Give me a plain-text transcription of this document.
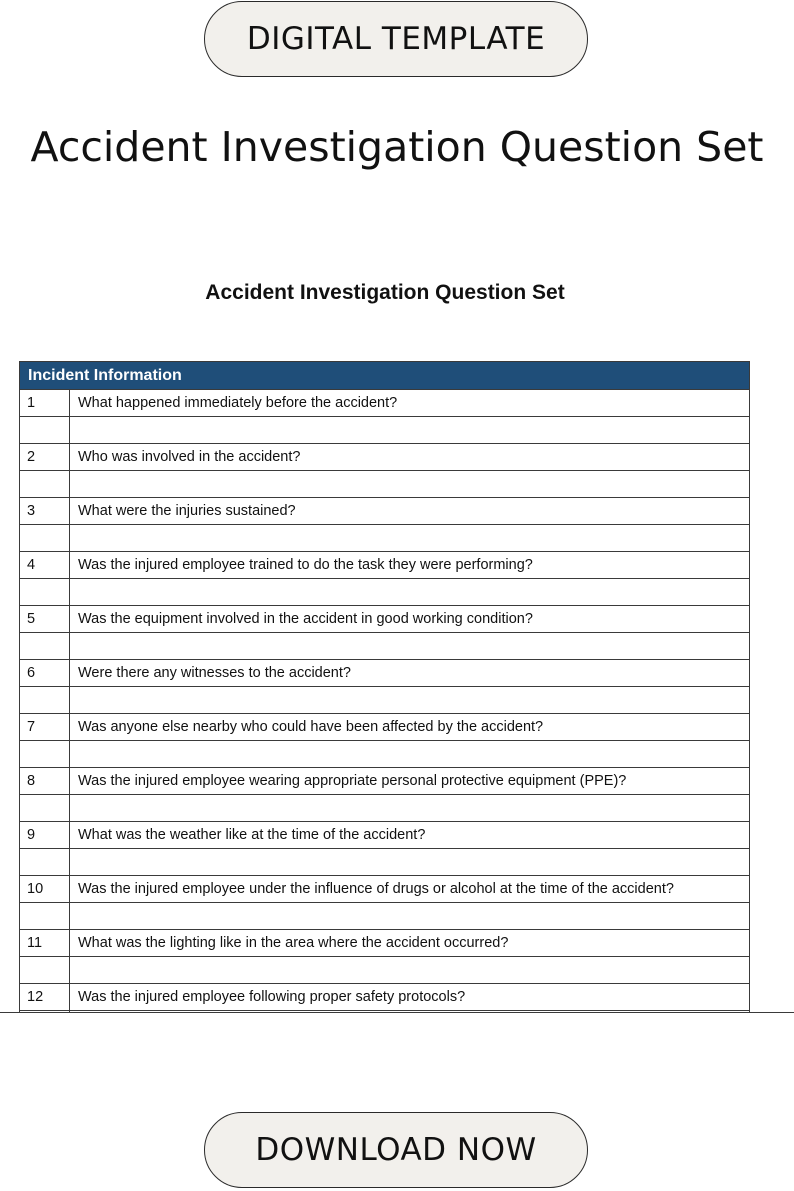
DIGITAL TEMPLATE
Accident Investigation Question Set
Accident Investigation Question Set
Incident Information	
1	What happened immediately before the accident?

2	Who was involved in the accident?

3	What were the injuries sustained?

4	Was the injured employee trained to do the task they were performing?

5	Was the equipment involved in the accident in good working condition?

6	Were there any witnesses to the accident?

7	Was anyone else nearby who could have been affected by the accident?

8	Was the injured employee wearing appropriate personal protective equipment (PPE)?

9	What was the weather like at the time of the accident?

10	Was the injured employee under the influence of drugs or alcohol at the time of the accident?

11	What was the lighting like in the area where the accident occurred?

12	Was the injured employee following proper safety protocols?

DOWNLOAD NOW
